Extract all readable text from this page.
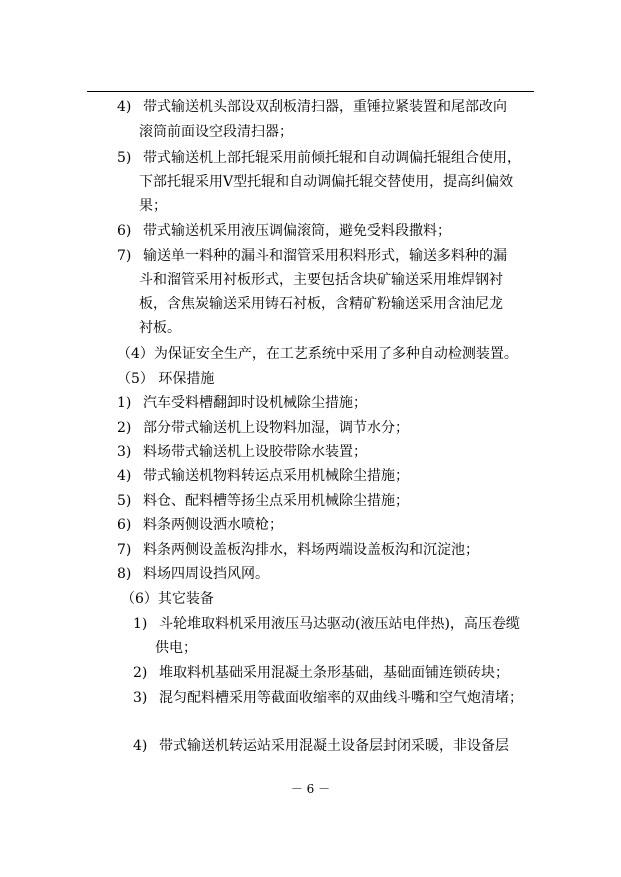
4) 带式输送机头部设双刮板清扫器，重锤拉紧装置和尾部改向
滚筒前面设空段清扫器；
5) 带式输送机上部托辊采用前倾托辊和自动调偏托辊组合使用，
下部托辊采用V型托辊和自动调偏托辊交替使用，提高纠偏效
果；
6) 带式输送机采用液压调偏滚筒，避免受料段撒料；
7) 输送单一料种的漏斗和溜管采用积料形式，输送多料种的漏
斗和溜管采用衬板形式，主要包括含块矿输送采用堆焊钢衬
板，含焦炭输送采用铸石衬板，含精矿粉输送采用含油尼龙
衬板。
（4）为保证安全生产，在工艺系统中采用了多种自动检测装置。
（5） 环保措施
1) 汽车受料槽翻卸时设机械除尘措施；
2) 部分带式输送机上设物料加湿，调节水分；
3) 料场带式输送机上设胶带除水装置；
4) 带式输送机物料转运点采用机械除尘措施；
5) 料仓、配料槽等扬尘点采用机械除尘措施；
6) 料条两侧设洒水喷枪；
7) 料条两侧设盖板沟排水，料场两端设盖板沟和沉淀池；
8) 料场四周设挡风网。
（6）其它装备
1) 斗轮堆取料机采用液压马达驱动(液压站电伴热)，高压卷缆
供电；
2) 堆取料机基础采用混凝土条形基础，基础面铺连锁砖块；
3) 混匀配料槽采用等截面收缩率的双曲线斗嘴和空气炮清堵；
4) 带式输送机转运站采用混凝土设备层封闭采暖，非设备层
－ 6 －
